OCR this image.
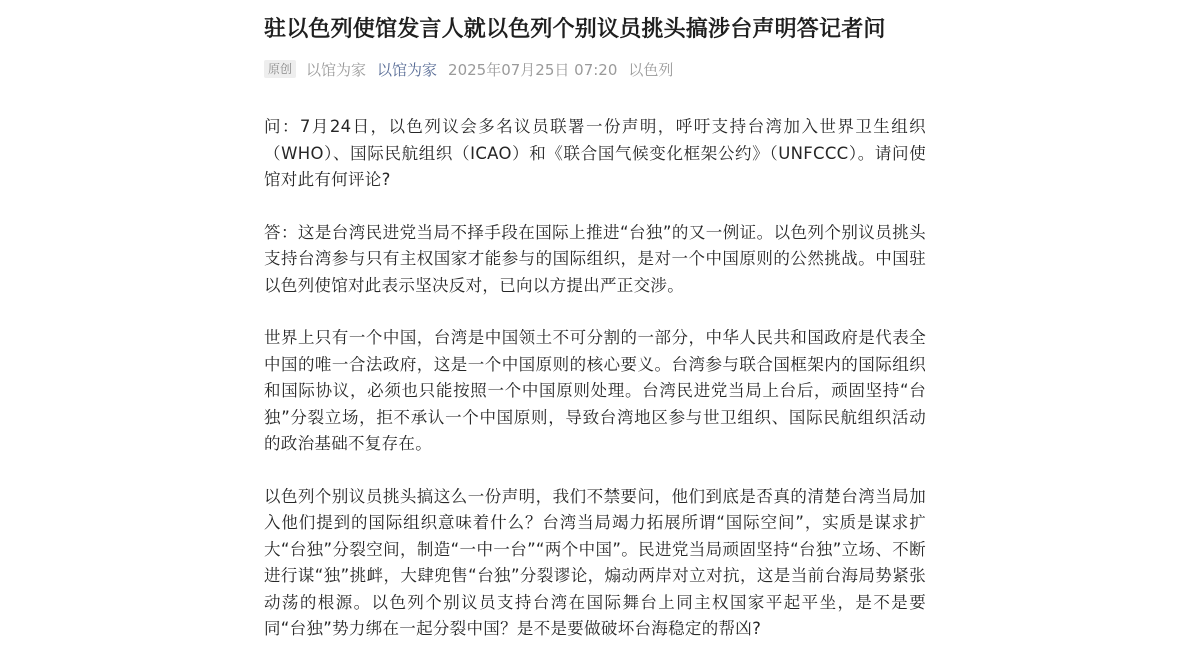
驻以色列使馆发言人就以色列个别议员挑头搞涉台声明答记者问
原创 以馆为家 以馆为家 2025年07月25日 07:20 以色列

问：7月24日，以色列议会多名议员联署一份声明，呼吁支持台湾加入世界卫生组织（WHO）、国际民航组织（ICAO）和《联合国气候变化框架公约》（UNFCCC）。请问使馆对此有何评论?

答：这是台湾民进党当局不择手段在国际上推进“台独”的又一例证。以色列个别议员挑头支持台湾参与只有主权国家才能参与的国际组织，是对一个中国原则的公然挑战。中国驻以色列使馆对此表示坚决反对，已向以方提出严正交涉。

世界上只有一个中国，台湾是中国领土不可分割的一部分，中华人民共和国政府是代表全中国的唯一合法政府，这是一个中国原则的核心要义。台湾参与联合国框架内的国际组织和国际协议，必须也只能按照一个中国原则处理。台湾民进党当局上台后，顽固坚持“台独”分裂立场，拒不承认一个中国原则，导致台湾地区参与世卫组织、国际民航组织活动的政治基础不复存在。

以色列个别议员挑头搞这么一份声明，我们不禁要问，他们到底是否真的清楚台湾当局加入他们提到的国际组织意味着什么？台湾当局竭力拓展所谓“国际空间”，实质是谋求扩大“台独”分裂空间，制造“一中一台”“两个中国”。民进党当局顽固坚持“台独”立场、不断进行谋“独”挑衅，大肆兜售“台独”分裂谬论，煽动两岸对立对抗，这是当前台海局势紧张动荡的根源。以色列个别议员支持台湾在国际舞台上同主权国家平起平坐，是不是要同“台独”势力绑在一起分裂中国？是不是要做破坏台海稳定的帮凶?
